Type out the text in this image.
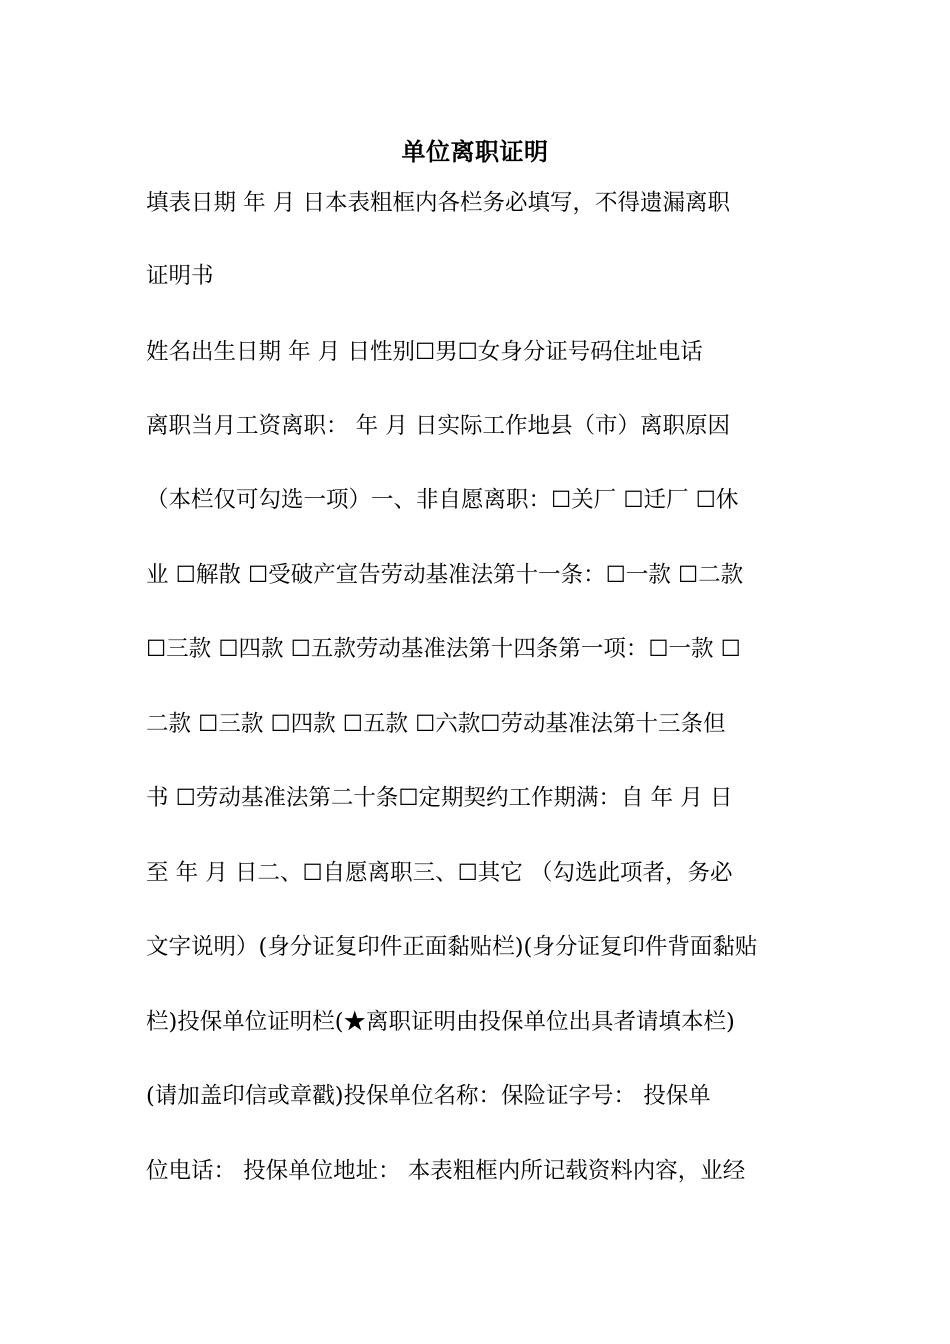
单位离职证明
填表日期 年 月 日本表粗框内各栏务必填写，不得遗漏离职
证明书
姓名出生日期 年 月 日性别☐男☐女身分证号码住址电话
离职当月工资离职： 年 月 日实际工作地县（市）离职原因
（本栏仅可勾选一项）一、非自愿离职：☐关厂 ☐迁厂 ☐休
业 ☐解散 ☐受破产宣告劳动基准法第十一条：☐一款 ☐二款
☐三款 ☐四款 ☐五款劳动基准法第十四条第一项：☐一款 ☐
二款 ☐三款 ☐四款 ☐五款 ☐六款☐劳动基准法第十三条但
书 ☐劳动基准法第二十条☐定期契约工作期满：自 年 月 日
至 年 月 日二、☐自愿离职三、☐其它 （勾选此项者，务必
文字说明）(身分证复印件正面黏贴栏)(身分证复印件背面黏贴
栏)投保单位证明栏(★离职证明由投保单位出具者请填本栏)
(请加盖印信或章戳)投保单位名称：保险证字号： 投保单
位电话： 投保单位地址： 本表粗框内所记载资料内容，业经
